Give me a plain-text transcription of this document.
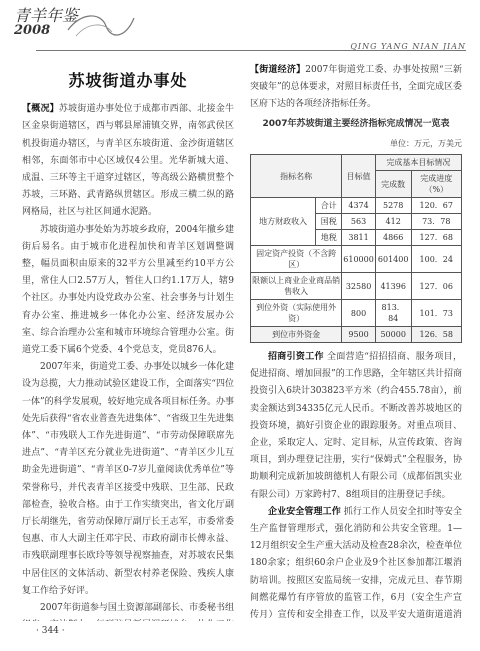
青羊年鉴
2008
QING YANG NIAN JIAN
苏坡街道办事处

【概况】苏坡街道办事处位于成都市西部、北接金牛区金泉街道辖区，西与郫县犀浦镇交界，南邻武侯区机投街道办辖区，与青羊区东坡街道、金沙街道辖区相邻，东面邻市中心区域仅4公里。光华新城大道、成温、三环等主干道穿过辖区，等高级公路横贯整个苏坡，三环路、武青路纵贯辖区。形成三横二纵的路网格局，社区与社区间通水泥路。

苏坡街道办事处始为苏坡乡政府，2004年撤乡建街后易名。由于城市化进程加快和青羊区划调整调整，幅员面积由原来的32平方公里减至约10平方公里，常住人口2.57万人，暂住人口约1.17万人，辖9个社区。办事处内设党政办公室、社会事务与计划生育办公室、推进城乡一体化办公室、经济发展办公室、综合治理办公室和城市环境综合管理办公室。街道党工委下属6个党委、4个党总支，党员876人。

2007年来，街道党工委、办事处以城乡一体化建设为总揽，大力推动试验区建设工作，全面落实“四位一体”的科学发展观，较好地完成各项目标任务。办事处先后获得“省农业普查先进集体”、“省级卫生先进集体”、“市残联人工作先进街道”、“市劳动保障联席先进点”、“青羊区充分就业先进街道”、“青羊区少儿互助金先进街道”、“青羊区0-7岁儿童阅读优秀单位”等荣誉称号，并代表青羊区接受中残联、卫生部、民政部检查，验收合格。由于工作实绩突出，省文化厅副厅长胡继先，省劳动保障厅副厅长王志军，市委常委包惠、市人大副主任邓宇民、市政府副市长傅永益、市残联副理事长欧玲等领导视察抽查，对苏坡农民集中居住区的文体活动、新型农村养老保险、残疾人康复工作给予好评。

2007年街道参与国土资源部副部长、市委秘书组

【街道经济】2007年街道党工委、办事处按照“三新突破年”的总体要求，对照目标责任书，全面完成区委区府下达的各项经济指标任务。

2007年苏坡街道主要经济指标完成情况一览表
单位：万元，万美元
指标名称		目标值	完成基本目标情况	
			完成数	完成进度（%）
地方财政收入	合计	4374	5278	120．67
	国税	563	412	73．78
	地税	3811	4866	127．68
固定资产投资（不含跨区）		610000	601400	100．24
限额以上商业企业商品销售收入		32580	41396	127．06
到位外资（实际使用外资）		800	813．84	101．73
到位市外资金		9500	50000	126．58

招商引资工作 全面营造“招招招商、服务项目，促进招商、增加回报”的工作思路，全年辖区共计招商投资引入6块计303823平方米（约合455.78亩），前卖金额达到34335亿元人民币。不断改善苏坡地区的投资环境，搞好引资企业的跟踪服务。对重点项目、企业，采取定人、定时、定目标，从宣传政策、咨询项目，到办理登记注册，实行“保姆式”全程服务，协助顺利完成新加坡朗德机人有限公司（成都佰凯实业有限公司）万家跨村7、8组项目的注册登记手续。

企业安全管理工作 抓行工作人员安全扣时等安全生产监督管理形式，强化消防和公共安全管理。1—12月组织安全生产重大活动及检查28余次，检查单位180余家；组织60余户企业及9个社区参加都江堰消防培训。按照区安监局统一安排，完成元旦、春节期间燃花爆竹有序管放的监管工作，6月（安全生产宣传月）宣传和安全排查工作，以及平安大道街道道消

· 344 ·
